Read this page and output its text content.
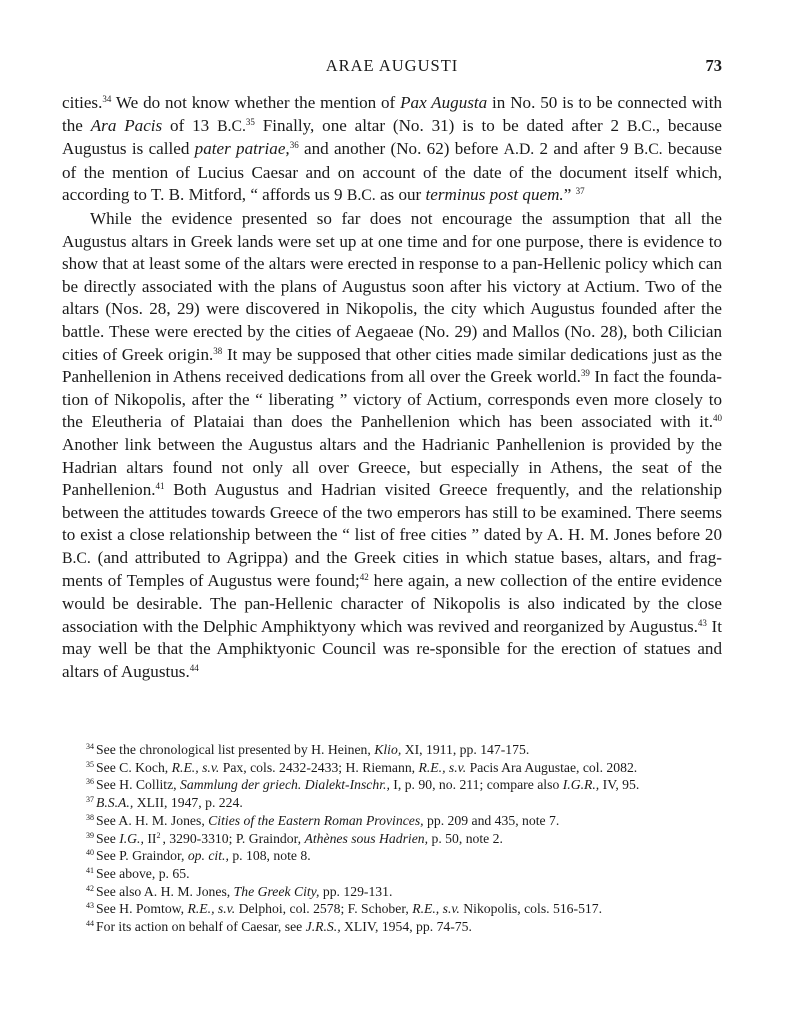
ARAE AUGUSTI	73

cities.$^{34}$ We do not know whether the mention of Pax Augusta in No. 50 is to be connected with the Ara Pacis of 13 B.C.$^{35}$ Finally, one altar (No. 31) is to be dated after 2 B.C., because Augustus is called pater patriae,$^{36}$ and another (No. 62) before A.D. 2 and after 9 B.C. because of the mention of Lucius Caesar and on account of the date of the document itself which, according to T. B. Mitford, “ affords us 9 B.C. as our terminus post quem.” $^{37}$

While the evidence presented so far does not encourage the assumption that all the Augustus altars in Greek lands were set up at one time and for one purpose, there is evidence to show that at least some of the altars were erected in response to a pan-Hellenic policy which can be directly associated with the plans of Augustus soon after his victory at Actium. Two of the altars (Nos. 28, 29) were discovered in Nikopolis, the city which Augustus founded after the battle. These were erected by the cities of Aegaeae (No. 29) and Mallos (No. 28), both Cilician cities of Greek origin.$^{38}$ It may be supposed that other cities made similar dedications just as the Panhellenion in Athens received dedications from all over the Greek world.$^{39}$ In fact the founda-tion of Nikopolis, after the “ liberating ” victory of Actium, corresponds even more closely to the Eleutheria of Plataiai than does the Panhellenion which has been associated with it.$^{40}$ Another link between the Augustus altars and the Hadrianic Panhellenion is provided by the Hadrian altars found not only all over Greece, but especially in Athens, the seat of the Panhellenion.$^{41}$ Both Augustus and Hadrian visited Greece frequently, and the relationship between the attitudes towards Greece of the two emperors has still to be examined. There seems to exist a close relationship between the “ list of free cities ” dated by A. H. M. Jones before 20 B.C. (and attributed to Agrippa) and the Greek cities in which statue bases, altars, and frag-ments of Temples of Augustus were found;$^{42}$ here again, a new collection of the entire evidence would be desirable. The pan-Hellenic character of Nikopolis is also indicated by the close association with the Delphic Amphiktyony which was revived and reorganized by Augustus.$^{43}$ It may well be that the Amphiktyonic Council was re-sponsible for the erection of statues and altars of Augustus.$^{44}$

$^{34}$ See the chronological list presented by H. Heinen, Klio, XI, 1911, pp. 147-175.

$^{35}$ See C. Koch, R.E., s.v. Pax, cols. 2432-2433; H. Riemann, R.E., s.v. Pacis Ara Augustae, col. 2082.

$^{36}$ See H. Collitz, Sammlung der griech. Dialekt-Inschr., I, p. 90, no. 211; compare also I.G.R., IV, 95.

$^{37}$ B.S.A., XLII, 1947, p. 224.

$^{38}$ See A. H. M. Jones, Cities of the Eastern Roman Provinces, pp. 209 and 435, note 7.

$^{39}$ See I.G., II$^2$ , 3290-3310; P. Graindor, Athènes sous Hadrien, p. 50, note 2.

$^{40}$ See P. Graindor, op. cit., p. 108, note 8.

$^{41}$ See above, p. 65.

$^{42}$ See also A. H. M. Jones, The Greek City, pp. 129-131.

$^{43}$ See H. Pomtow, R.E., s.v. Delphoi, col. 2578; F. Schober, R.E., s.v. Nikopolis, cols. 516-517.

$^{44}$ For its action on behalf of Caesar, see J.R.S., XLIV, 1954, pp. 74-75.
